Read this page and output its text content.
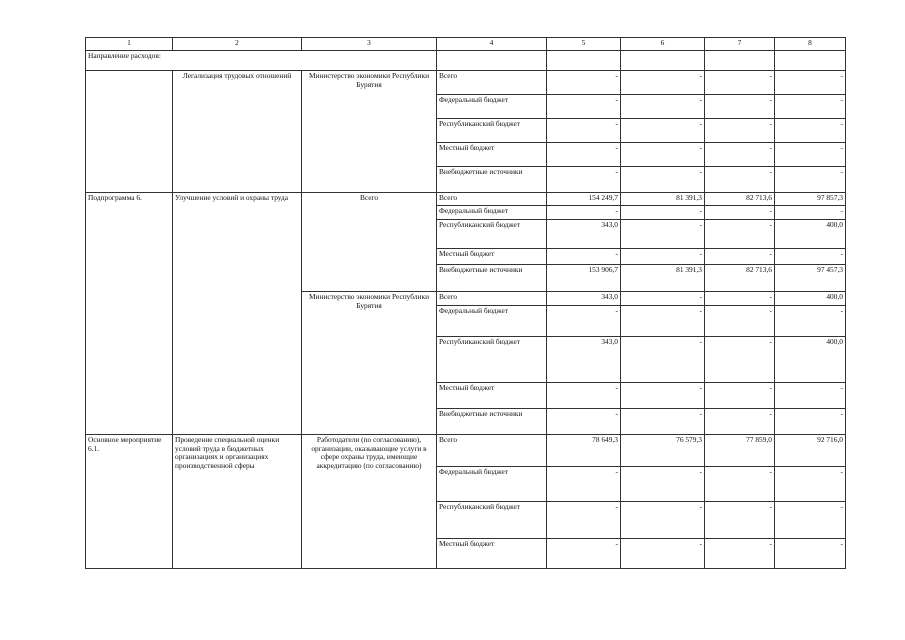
1	2	3	4	5	6	7	8
Направление расходов:							
	Легализация трудовых отношений	Министерство экономики Республики Бурятия	Всего	-	-	-	-
			Федеральный бюджет	-	-	-	-
			Республиканский бюджет	-	-	-	-
			Местный бюджет	-	-	-	-
			Внебюджетные источники	-	-	-	-
Подпрограмма 6.	Улучшение условий и охраны труда	Всего	Всего	154 249,7	81 391,3	82 713,6	97 857,3
			Федеральный бюджет	-	-	-	-
			Республиканский бюджет	343,0	-	-	400,0
			Местный бюджет	-	-	-	-
			Внебюджетные источники	153 906,7	81 391,3	82 713,6	97 457,3
		Министерство экономики Республики Бурятия	Всего	343,0	-	-	400,0
			Федеральный бюджет	-	-	-	-
			Республиканский бюджет	343,0	-	-	400,0
			Местный бюджет	-	-	-	-
			Внебюджетные источники	-	-	-	-
Основное мероприятие 6.1.	Проведение специальной оценки условий труда в бюджетных организациях и организациях производственной сферы	Работодатели (по согласованию), организации, оказывающие услуги в сфере охраны труда, имеющие аккредитацию (по согласованию)	Всего	78 649,3	76 579,3	77 859,0	92 716,0
			Федеральный бюджет	-	-	-	-
			Республиканский бюджет	-	-	-	-
			Местный бюджет	-	-	-	-
